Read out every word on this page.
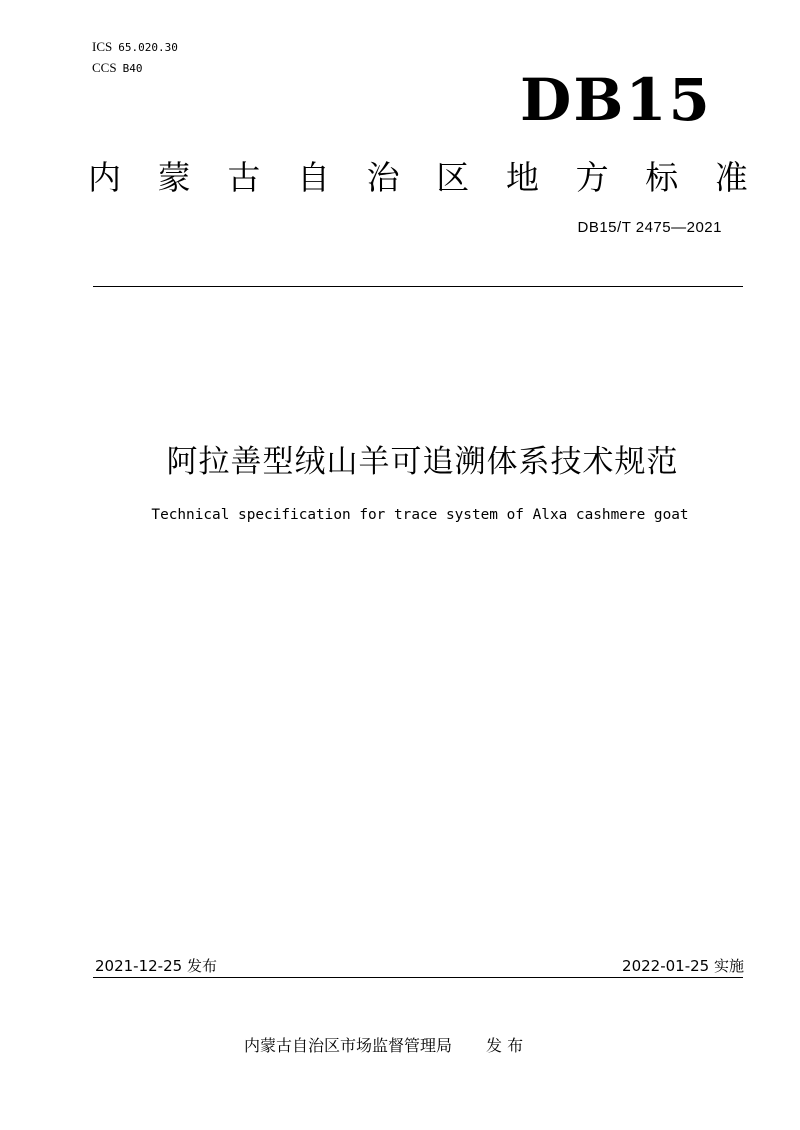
ICS 65.020.30
CCS B40	DB15
内 蒙 古 自 治 区 地 方 标 准
DB15/T 2475—2021
阿拉善型绒山羊可追溯体系技术规范
Technical specification for trace system of Alxa cashmere goat
2021-12-25 发布	2022-01-25 实施
内蒙古自治区市场监督管理局 发 布
